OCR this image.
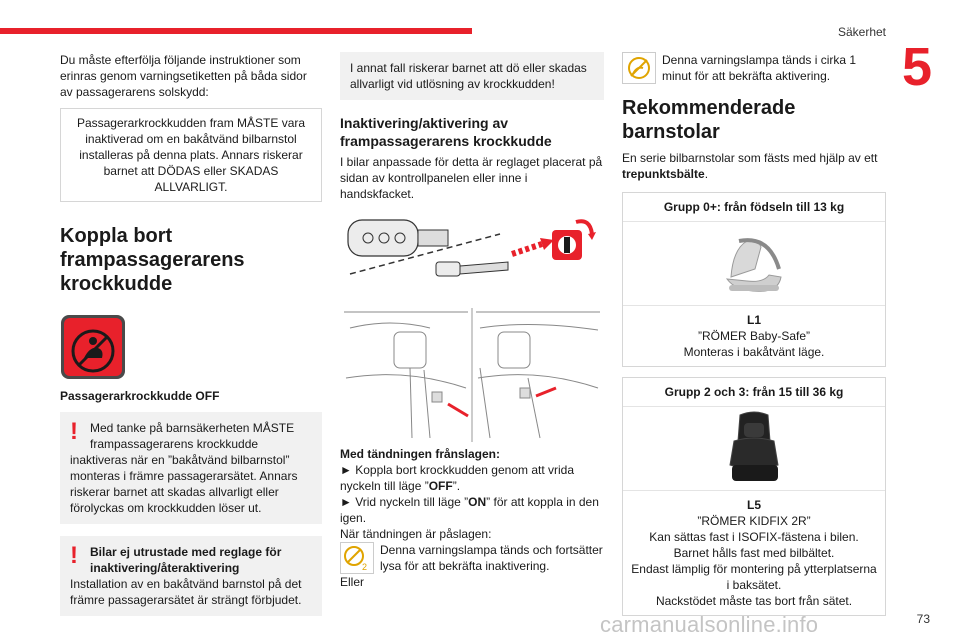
Säkerhet
5

Du måste efterfölja följande instruktioner som erinras genom varningsetiketten på båda sidor av passagerarens solskydd:

Passagerarkrockkudden fram MÅSTE vara inaktiverad om en bakåtvänd bilbarnstol installeras på denna plats. Annars riskerar barnet att DÖDAS eller SKADAS ALLVARLIGT.
Koppla bort frampassagerarens krockkudde

Passagerarkrockkudde OFF

!	Med tanke på barnsäkerheten MÅSTE frampassagerarens krockkudde
inaktiveras när en ”bakåtvänd bilbarnstol” monteras i främre passagerarsätet. Annars riskerar barnet att skadas allvarligt eller förolyckas om krockkudden löser ut.
!	Bilar ej utrustade med reglage för inaktivering/återaktivering
Installation av en bakåtvänd barnstol på det främre passagerarsätet är strängt förbjudet.
I annat fall riskerar barnet att dö eller skadas allvarligt vid utlösning av krockkudden!
Inaktivering/aktivering av frampassagerarens krockkudde

I bilar anpassade för detta är reglaget placerat på sidan av kontrollpanelen eller inne i handskfacket.

Med tändningen frånslagen:

► Koppla bort krockkudden genom att vrida nyckeln till läge ”OFF”.

► Vrid nyckeln till läge ”ON” för att koppla in den igen.

När tändningen är påslagen:

2
Denna varningslampa tänds och fortsätter lysa för att bekräfta inaktivering.

Eller

Denna varningslampa tänds i cirka 1 minut för att bekräfta aktivering.
Rekommenderade barnstolar

En serie bilbarnstolar som fästs med hjälp av ett trepunktsbälte.

Grupp 0+: från födseln till 13 kg
L1
”RÖMER Baby-Safe”
Monteras i bakåtvänt läge.
Grupp 2 och 3: från 15 till 36 kg
L5
”RÖMER KIDFIX 2R”
Kan sättas fast i ISOFIX-fästena i bilen.
Barnet hålls fast med bilbältet.
Endast lämplig för montering på ytterplatserna i baksätet.
Nackstödet måste tas bort från sätet.
carmanualsonline.info	73
